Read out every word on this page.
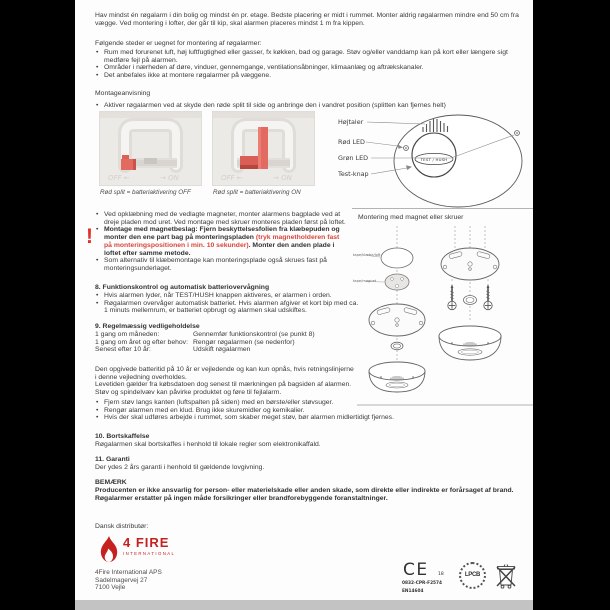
Hav mindst én røgalarm i din bolig og mindst én pr. etage. Bedste placering er midt i rummet. Monter aldrig røgalarmen mindre end 50 cm fra vægge. Ved montering i lofter, der går til kip, skal alarmen placeres mindst 1 m fra kippen.

Følgende steder er uegnet for montering af røgalarmer:

• Rum med forurenet luft, høj luftfugtighed eller gasser, fx køkken, bad og garage. Støv og/eller vanddamp kan på kort eller længere sigt medføre fejl på alarmen.
• Områder i nærheden af døre, vinduer, gennemgange, ventilationsåbninger, klimaanlæg og aftrækskanaler.
• Det anbefales ikke at montere røgalarmer på væggene.

Montageanvisning

• Aktiver røgalarmen ved at skyde den røde split til side og anbringe den i vandret position (splitten kan fjernes helt)
OFF ←	→ ON
Rød split = batteriaktivering OFF
OFF ←	→ ON
Rød split = batteriaktivering ON
TEST / HUSH
Højtaler
Rød LED
Grøn LED
Test-knap
!
• Ved opklæbning med de vedlagte magneter, monter alarmens bagplade ved at dreje pladen mod uret. Ved montage med skruer monteres pladen først på loftet.
• Montage med magnetbeslag: Fjern beskyttelsesfolien fra klæbepuden og monter den ene part bag på monteringspladen (tryk magnetholderen fast på monteringspositionen i min. 10 sekunder). Monter den anden plade i loftet efter samme metode.
• Som alternativ til klæbemontage kan monteringsplade også skrues fast på monteringsunderlaget.
8. Funktionskontrol og automatisk batteriovervågning
• Hvis alarmen lyder, når TEST/HUSH knappen aktiveres, er alarmen i orden.
• Røgalarmen overvåger automatisk batteriet. Hvis alarmen afgiver et kort bip med ca. 1 minuts mellemrum, er batteriet opbrugt og alarmen skal udskiftes.
9. Regelmæssig vedligeholdelse
1 gang om måneden:	Gennemfør funktionskontrol (se punkt 8)
1 gang om året og efter behov: Rengør røgalarmen (se nedenfor)
Senest efter 10 år:	Udskift røgalarmen

Den opgivede batteritid på 10 år er vejledende og kan kun opnås, hvis retningslinjerne i denne vejledning overholdes.

Levetiden gælder fra købsdatoen dog senest til mærkningen på bagsiden af alarmen.

Støv og spindelvæv kan påvirke produktet og føre til fejlalarm.

• Fjern støv langs kanten (luftspalten på siden) med en børste/eller støvsuger.
• Rengør alarmen med en klud. Brug ikke skuremidler og kemikalier.
• Hvis der skal udføres arbejde i rummet, som skaber meget støv, bør alarmen midlertidigt fjernes.

Montering med magnet eller skruer

tape/klæbe/loft
tape/magnet
10. Bortskaffelse

Røgalarmen skal bortskaffes i henhold til lokale regler som elektronikaffald.

11. Garanti

Der ydes 2 års garanti i henhold til gældende lovgivning.

BEMÆRK

Producenten er ikke ansvarlig for person- eller materielskade eller anden skade, som direkte eller indirekte er forårsaget af brand. Røgalarmer erstatter på ingen måde forsikringer eller brandforebyggende foranstaltninger.

Dansk distributør:

4 FIRE
INTERNATIONAL
4Fire International APS
Sadelmagervej 27
7100 Vejle
CE 18
0832-CPR-F2574
EN14604
LPCB
